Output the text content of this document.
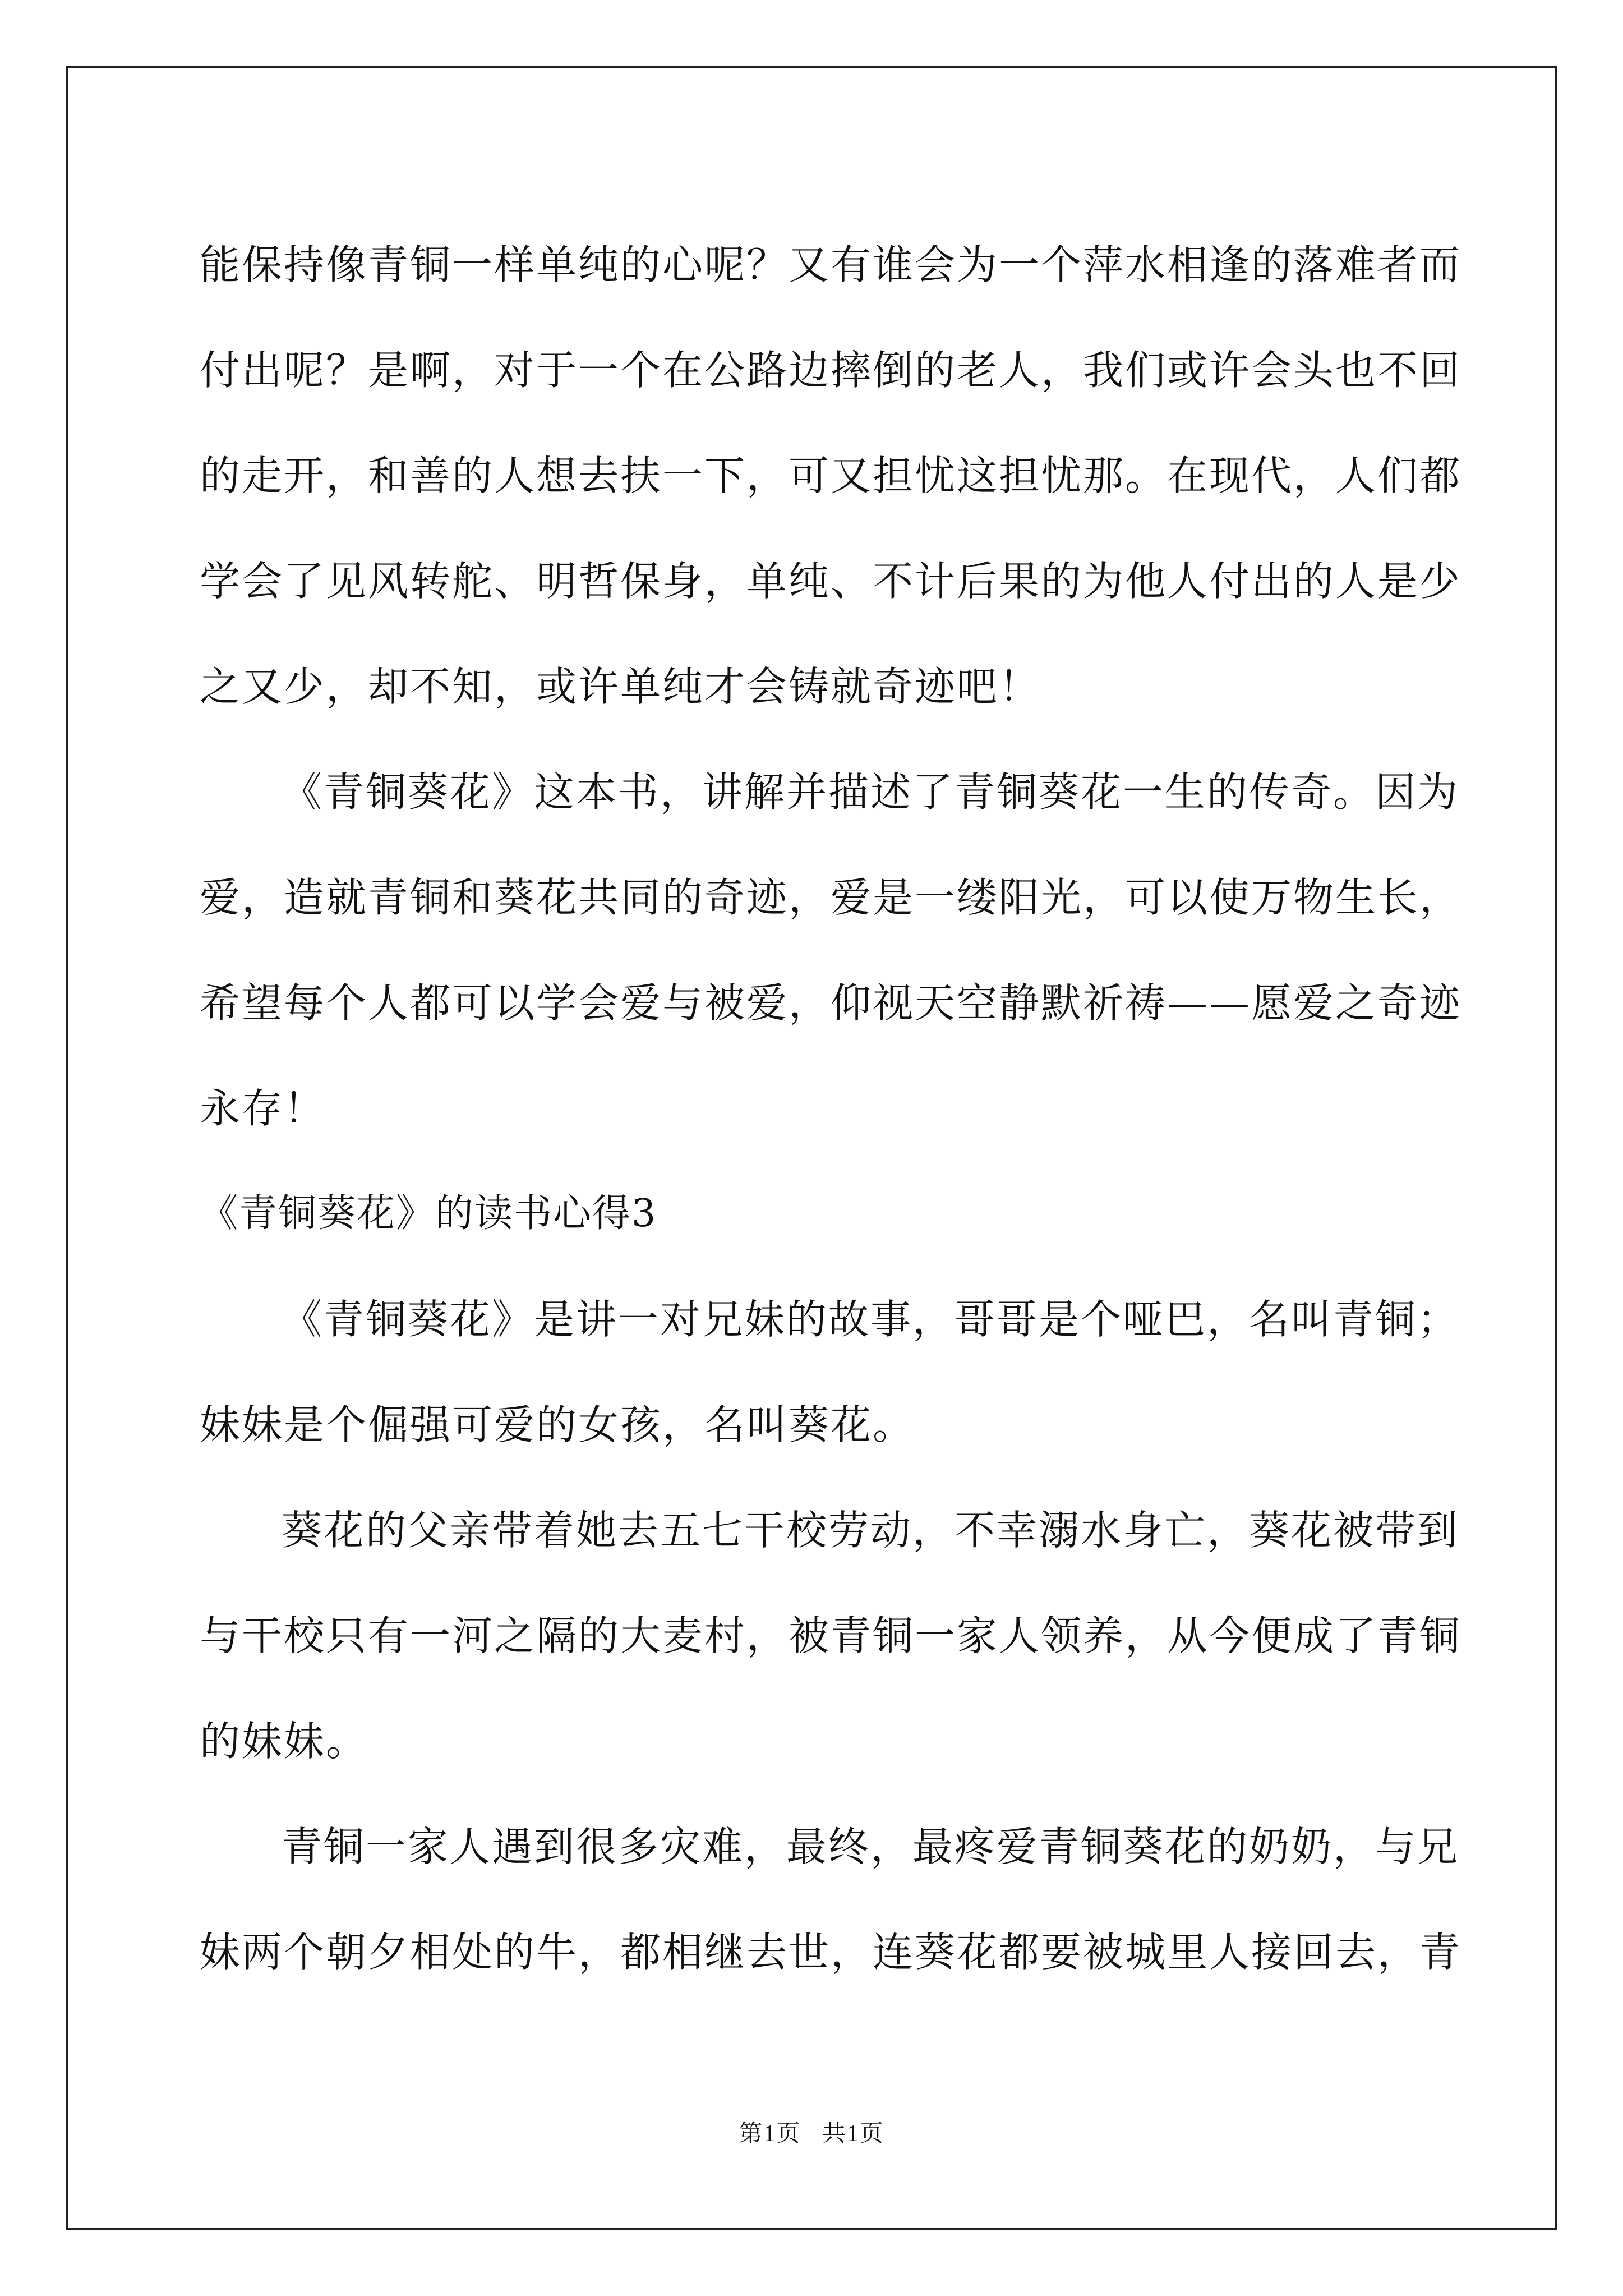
能保持像青铜一样单纯的心呢？又有谁会为一个萍水相逢的落难者而
付出呢？是啊，对于一个在公路边摔倒的老人，我们或许会头也不回
的走开，和善的人想去扶一下，可又担忧这担忧那。在现代，人们都
学会了见风转舵、明哲保身，单纯、不计后果的为他人付出的人是少
之又少，却不知，或许单纯才会铸就奇迹吧！
《青铜葵花》这本书，讲解并描述了青铜葵花一生的传奇。因为
爱，造就青铜和葵花共同的奇迹，爱是一缕阳光，可以使万物生长，
希望每个人都可以学会爱与被爱，仰视天空静默祈祷——愿爱之奇迹
永存！
《青铜葵花》的读书心得3
《青铜葵花》是讲一对兄妹的故事，哥哥是个哑巴，名叫青铜；
妹妹是个倔强可爱的女孩，名叫葵花。
葵花的父亲带着她去五七干校劳动，不幸溺水身亡，葵花被带到
与干校只有一河之隔的大麦村，被青铜一家人领养，从今便成了青铜
的妹妹。
青铜一家人遇到很多灾难，最终，最疼爱青铜葵花的奶奶，与兄
妹两个朝夕相处的牛，都相继去世，连葵花都要被城里人接回去，青
第1页   共1页
